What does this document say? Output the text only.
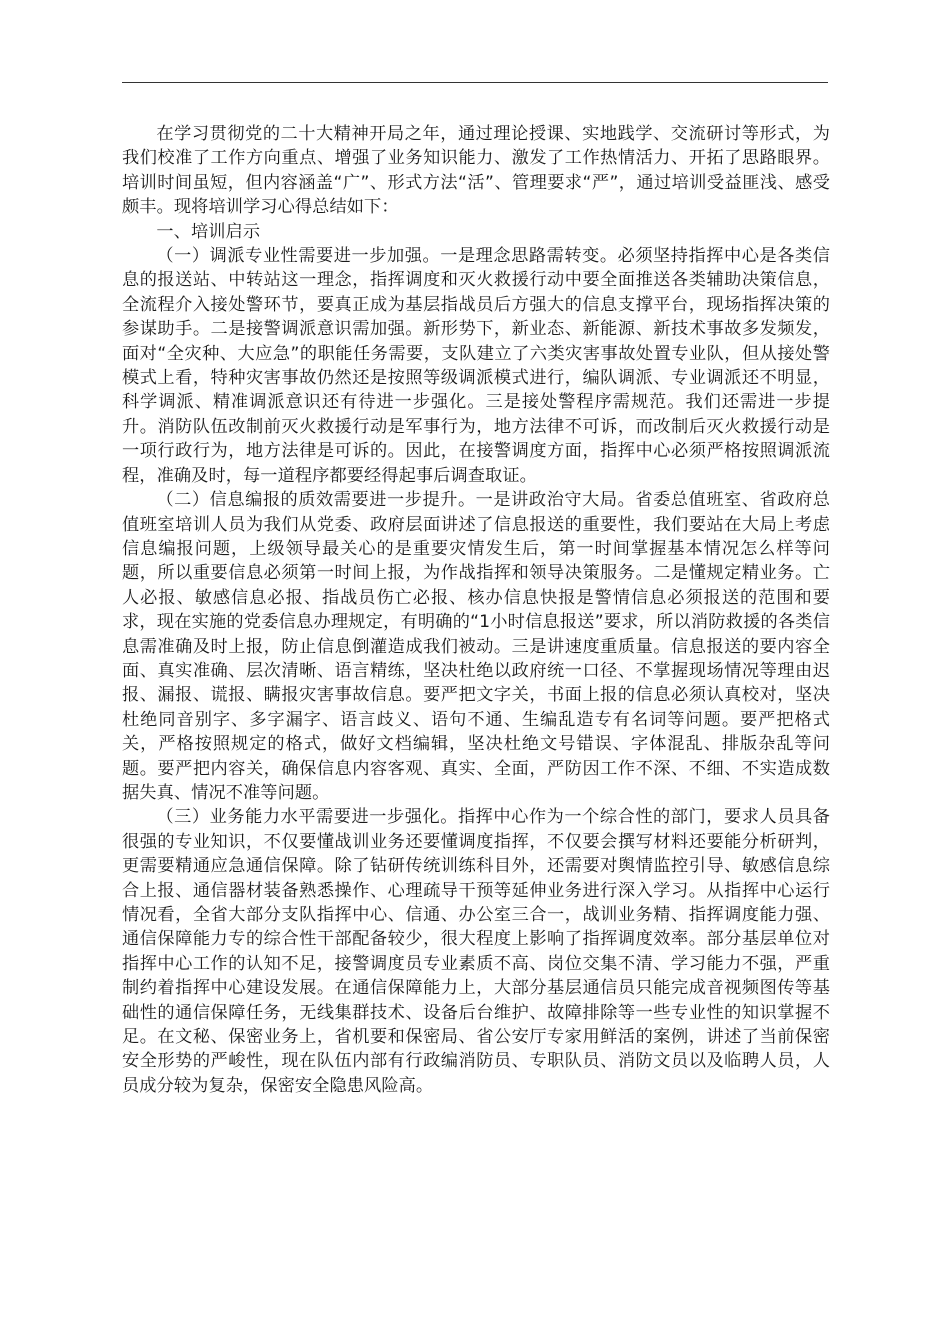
在学习贯彻党的二十大精神开局之年，通过理论授课、实地践学、交流研讨等形式，为我们校准了工作方向重点、增强了业务知识能力、激发了工作热情活力、开拓了思路眼界。培训时间虽短，但内容涵盖“广”、形式方法“活”、管理要求“严”，通过培训受益匪浅、感受颇丰。现将培训学习心得总结如下：

一、培训启示

（一）调派专业性需要进一步加强。一是理念思路需转变。必须坚持指挥中心是各类信息的报送站、中转站这一理念，指挥调度和灭火救援行动中要全面推送各类辅助决策信息，全流程介入接处警环节，要真正成为基层指战员后方强大的信息支撑平台，现场指挥决策的参谋助手。二是接警调派意识需加强。新形势下，新业态、新能源、新技术事故多发频发，面对“全灾种、大应急”的职能任务需要，支队建立了六类灾害事故处置专业队，但从接处警模式上看，特种灾害事故仍然还是按照等级调派模式进行，编队调派、专业调派还不明显，科学调派、精准调派意识还有待进一步强化。三是接处警程序需规范。我们还需进一步提升。消防队伍改制前灭火救援行动是军事行为，地方法律不可诉，而改制后灭火救援行动是一项行政行为，地方法律是可诉的。因此，在接警调度方面，指挥中心必须严格按照调派流程，准确及时，每一道程序都要经得起事后调查取证。

（二）信息编报的质效需要进一步提升。一是讲政治守大局。省委总值班室、省政府总值班室培训人员为我们从党委、政府层面讲述了信息报送的重要性，我们要站在大局上考虑信息编报问题，上级领导最关心的是重要灾情发生后，第一时间掌握基本情况怎么样等问题，所以重要信息必须第一时间上报，为作战指挥和领导决策服务。二是懂规定精业务。亡人必报、敏感信息必报、指战员伤亡必报、核办信息快报是警情信息必须报送的范围和要求，现在实施的党委信息办理规定，有明确的“1小时信息报送”要求，所以消防救援的各类信息需准确及时上报，防止信息倒灌造成我们被动。三是讲速度重质量。信息报送的要内容全面、真实准确、层次清晰、语言精练，坚决杜绝以政府统一口径、不掌握现场情况等理由迟报、漏报、谎报、瞒报灾害事故信息。要严把文字关，书面上报的信息必须认真校对，坚决杜绝同音别字、多字漏字、语言歧义、语句不通、生编乱造专有名词等问题。要严把格式关，严格按照规定的格式，做好文档编辑，坚决杜绝文号错误、字体混乱、排版杂乱等问题。要严把内容关，确保信息内容客观、真实、全面，严防因工作不深、不细、不实造成数据失真、情况不准等问题。

（三）业务能力水平需要进一步强化。指挥中心作为一个综合性的部门，要求人员具备很强的专业知识，不仅要懂战训业务还要懂调度指挥，不仅要会撰写材料还要能分析研判，更需要精通应急通信保障。除了钻研传统训练科目外，还需要对舆情监控引导、敏感信息综合上报、通信器材装备熟悉操作、心理疏导干预等延伸业务进行深入学习。从指挥中心运行情况看，全省大部分支队指挥中心、信通、办公室三合一，战训业务精、指挥调度能力强、通信保障能力专的综合性干部配备较少，很大程度上影响了指挥调度效率。部分基层单位对指挥中心工作的认知不足，接警调度员专业素质不高、岗位交集不清、学习能力不强，严重制约着指挥中心建设发展。在通信保障能力上，大部分基层通信员只能完成音视频图传等基础性的通信保障任务，无线集群技术、设备后台维护、故障排除等一些专业性的知识掌握不足。在文秘、保密业务上，省机要和保密局、省公安厅专家用鲜活的案例，讲述了当前保密安全形势的严峻性，现在队伍内部有行政编消防员、专职队员、消防文员以及临聘人员，人员成分较为复杂，保密安全隐患风险高。
